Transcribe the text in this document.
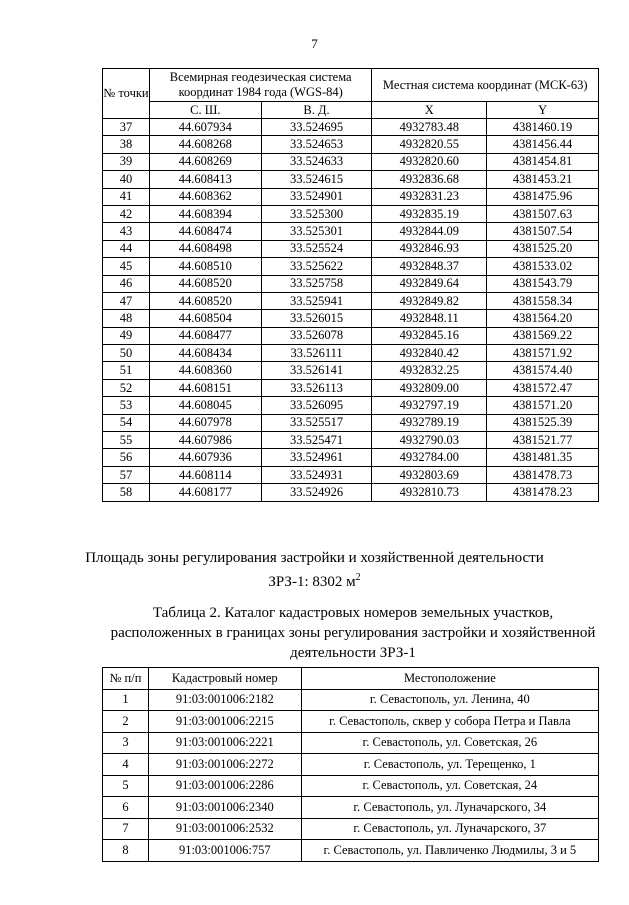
7
№ точки	Всемирная геодезическая система координат 1984 года (WGS-84)		Местная система координат (МСК-63)	
	С. Ш.	В. Д.	X	Y
37	44.607934	33.524695	4932783.48	4381460.19
38	44.608268	33.524653	4932820.55	4381456.44
39	44.608269	33.524633	4932820.60	4381454.81
40	44.608413	33.524615	4932836.68	4381453.21
41	44.608362	33.524901	4932831.23	4381475.96
42	44.608394	33.525300	4932835.19	4381507.63
43	44.608474	33.525301	4932844.09	4381507.54
44	44.608498	33.525524	4932846.93	4381525.20
45	44.608510	33.525622	4932848.37	4381533.02
46	44.608520	33.525758	4932849.64	4381543.79
47	44.608520	33.525941	4932849.82	4381558.34
48	44.608504	33.526015	4932848.11	4381564.20
49	44.608477	33.526078	4932845.16	4381569.22
50	44.608434	33.526111	4932840.42	4381571.92
51	44.608360	33.526141	4932832.25	4381574.40
52	44.608151	33.526113	4932809.00	4381572.47
53	44.608045	33.526095	4932797.19	4381571.20
54	44.607978	33.525517	4932789.19	4381525.39
55	44.607986	33.525471	4932790.03	4381521.77
56	44.607936	33.524961	4932784.00	4381481.35
57	44.608114	33.524931	4932803.69	4381478.73
58	44.608177	33.524926	4932810.73	4381478.23
Площадь зоны регулирования застройки и хозяйственной деятельности
ЗРЗ-1: 8302 $м^2$
Таблица 2. Каталог кадастровых номеров земельных участков, расположенных в границах зоны регулирования застройки и хозяйственной деятельности ЗРЗ-1
№ п/п	Кадастровый номер	Местоположение
1	91:03:001006:2182	г. Севастополь, ул. Ленина, 40
2	91:03:001006:2215	г. Севастополь, сквер у собора Петра и Павла
3	91:03:001006:2221	г. Севастополь, ул. Советская, 26
4	91:03:001006:2272	г. Севастополь, ул. Терещенко, 1
5	91:03:001006:2286	г. Севастополь, ул. Советская, 24
6	91:03:001006:2340	г. Севастополь, ул. Луначарского, 34
7	91:03:001006:2532	г. Севастополь, ул. Луначарского, 37
8	91:03:001006:757	г. Севастополь, ул. Павличенко Людмилы, 3 и 5
